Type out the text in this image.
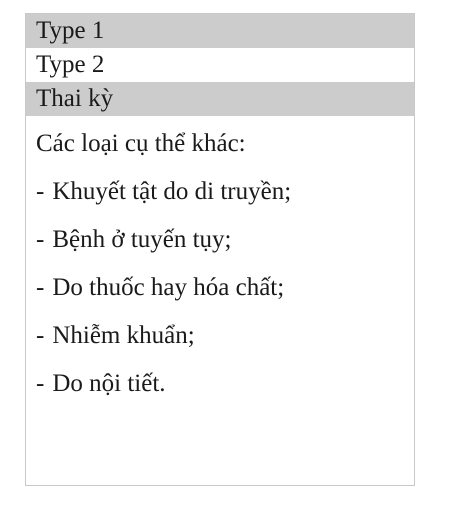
Type 1
Type 2
Thai kỳ
Các loại cụ thể khác:
- Khuyết tật do di truyền;
- Bệnh ở tuyến tụy;
- Do thuốc hay hóa chất;
- Nhiễm khuẩn;
- Do nội tiết.
